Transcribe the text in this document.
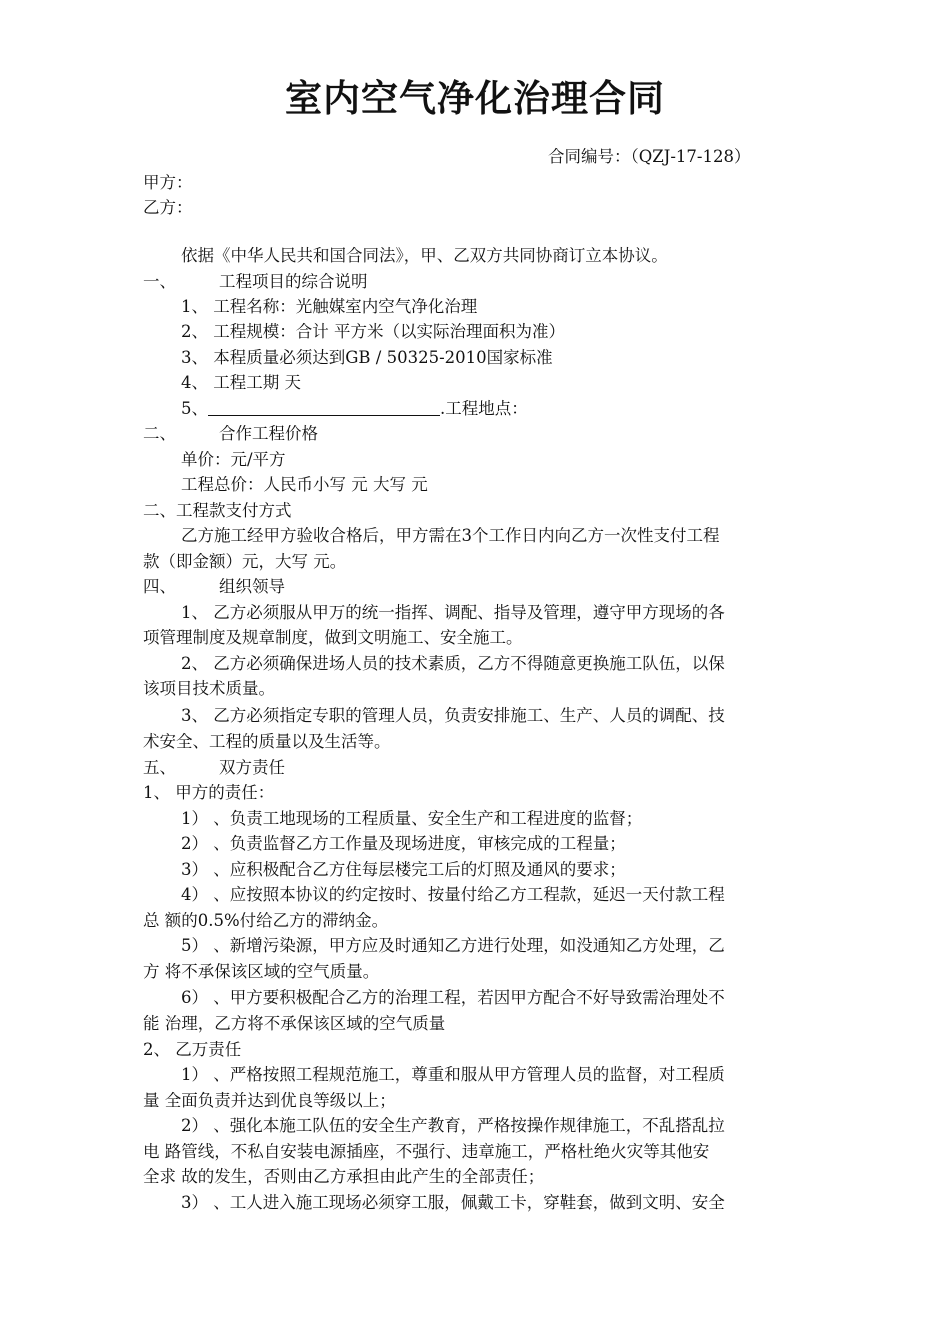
室内空气净化治理合同
合同编号：（QZJ-17-128）
甲方：
乙方：
依据《中华人民共和国合同法》，甲、乙双方共同协商订立本协议。
一、	工程项目的综合说明
1、 工程名称：光触媒室内空气净化治理
2、 工程规模：合计 平方米（以实际治理面积为准）
3、 本程质量必须达到GB / 50325-2010国家标准
4、 工程工期 天
5、	.工程地点：
二、	合作工程价格
单价：元/平方
工程总价：人民币小写 元 大写 元
二、工程款支付方式
乙方施工经甲方验收合格后，甲方需在3个工作日内向乙方一次性支付工程
款（即金额）元，大写 元。
四、	组织领导
1、 乙方必须服从甲万的统一指挥、调配、指导及管理，遵守甲方现场的各
项管理制度及规章制度，做到文明施工、安全施工。
2、 乙方必须确保进场人员的技术素质，乙方不得随意更换施工队伍，以保
该项目技术质量。
3、 乙方必须指定专职的管理人员，负责安排施工、生产、人员的调配、技
术安全、工程的质量以及生活等。
五、	双方责任
1、 甲方的责任：
1） 、负责工地现场的工程质量、安全生产和工程进度的监督；
2） 、负责监督乙方工作量及现场进度，审核完成的工程量；
3） 、应积极配合乙方住每层楼完工后的灯照及通风的要求；
4） 、应按照本协议的约定按时、按量付给乙方工程款，延迟一天付款工程
总 额的0.5%付给乙方的滞纳金。
5） 、新增污染源，甲方应及时通知乙方进行处理，如没通知乙方处理，乙
方 将不承保该区域的空气质量。
6） 、甲方要积极配合乙方的治理工程，若因甲方配合不好导致需治理处不
能 治理，乙方将不承保该区域的空气质量
2、 乙万责任
1） 、严格按照工程规范施工，尊重和服从甲方管理人员的监督，对工程质
量 全面负责并达到优良等级以上；
2） 、强化本施工队伍的安全生产教育，严格按操作规律施工，不乱搭乱拉
电 路管线，不私自安装电源插座，不强行、违章施工，严格杜绝火灾等其他安
全求 故的发生，否则由乙方承担由此产生的全部责任；
3） 、工人进入施工现场必须穿工服，佩戴工卡，穿鞋套，做到文明、安全
